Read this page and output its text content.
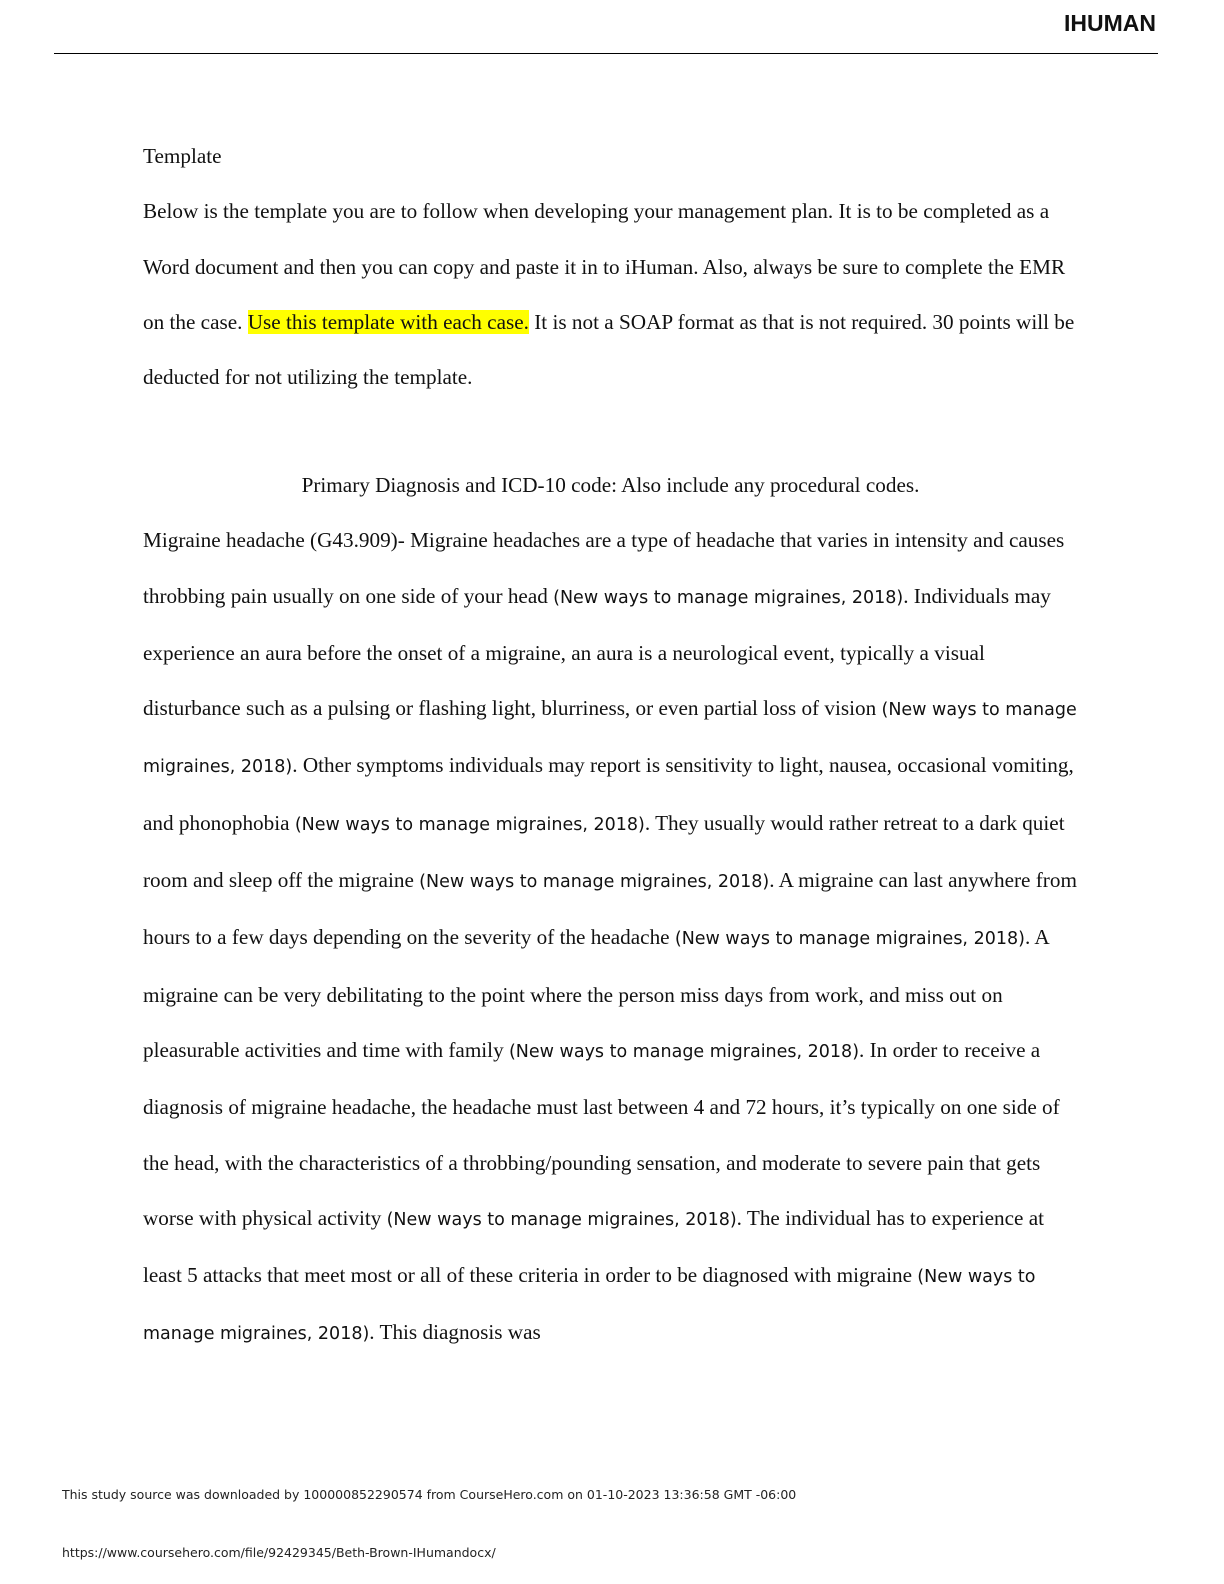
IHUMAN

Template

Below is the template you are to follow when developing your management plan. It is to be completed as a Word document and then you can copy and paste it in to iHuman. Also, always be sure to complete the EMR on the case. Use this template with each case. It is not a SOAP format as that is not required. 30 points will be deducted for not utilizing the template.

Primary Diagnosis and ICD-10 code: Also include any procedural codes.

Migraine headache (G43.909)- Migraine headaches are a type of headache that varies in intensity and causes throbbing pain usually on one side of your head (New ways to manage migraines, 2018). Individuals may experience an aura before the onset of a migraine, an aura is a neurological event, typically a visual disturbance such as a pulsing or flashing light, blurriness, or even partial loss of vision (New ways to manage migraines, 2018). Other symptoms individuals may report is sensitivity to light, nausea, occasional vomiting, and phonophobia (New ways to manage migraines, 2018). They usually would rather retreat to a dark quiet room and sleep off the migraine (New ways to manage migraines, 2018). A migraine can last anywhere from hours to a few days depending on the severity of the headache (New ways to manage migraines, 2018). A migraine can be very debilitating to the point where the person miss days from work, and miss out on pleasurable activities and time with family (New ways to manage migraines, 2018). In order to receive a diagnosis of migraine headache, the headache must last between 4 and 72 hours, it’s typically on one side of the head, with the characteristics of a throbbing/pounding sensation, and moderate to severe pain that gets worse with physical activity (New ways to manage migraines, 2018). The individual has to experience at least 5 attacks that meet most or all of these criteria in order to be diagnosed with migraine (New ways to manage migraines, 2018). This diagnosis was

This study source was downloaded by 100000852290574 from CourseHero.com on 01-10-2023 13:36:58 GMT -06:00
https://www.coursehero.com/file/92429345/Beth-Brown-IHumandocx/
